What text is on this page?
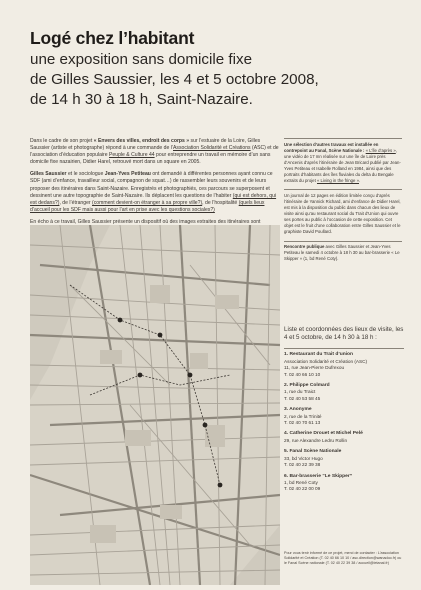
Logé chez l’habitant
une exposition sans domicile fixe
de Gilles Saussier, les 4 et 5 octobre 2008,
de 14 h 30 à 18 h, Saint-Nazaire.

Dans le cadre de son projet « Envers des villes, endroit des corps » sur l’estuaire de la Loire, Gilles Saussier (artiste et photographe) répond à une commande de l’Association Solidarité et Créations (ASC) et de l’association d’éducation populaire Peuple & Culture 44 pour entreprendre un travail en mémoire d’un sans domicile fixe nazairien, Didier Harel, retrouvé mort dans un square en 2005.

Gilles Saussier et le sociologue Jean-Yves Petiteau ont demandé à différentes personnes ayant connu ce SDF (ami d’enfance, travailleur social, compagnon de squat…) de rassembler leurs souvenirs et de leurs proposer des itinéraires dans Saint-Nazaire. Enregistrés et photographiés, ces parcours se superposent et dessinent une autre topographie de Saint-Nazaire. Ils déplacent les questions de l’habiter (qui est dehors, qui est dedans?), de l’étranger (comment devient-on étranger à sa propre ville?), de l’hospitalité (quels lieux d’accueil pour les SDF mais aussi pour l’art en prise avec les questions sociales?)

En écho à ce travail, Gilles Saussier présente un dispositif où des images extraites des itinéraires sont

Une sélection d’autres travaux est installée en contrepoint au Fanal, Scène Nationale : « L’Île d’après », une vidéo de 17 mn réalisée sur une île de Loire près d’Ancenis d’après l’itinéraire de Jean Bricard publié par Jean-Yves Petiteau et Isabelle Rolland en 1984, ainsi que des portraits d’habitants des îles fluviales du delta du Bengale extraits du projet « Living in the fringe ».

Un journal de 12 pages en édition limitée conçu d’après l’itinéraire de Yannick Richard, ami d’enfance de Didier Harel, est mis à la disposition du public dans chacun des lieux de visite ainsi qu’au restaurant social du Trait d’Union qui ouvre ses portes au public à l’occasion de cette exposition. Cet objet est le fruit d’une collaboration entre Gilles Saussier et le graphiste David Poullard.

Rencontre publique avec Gilles Saussier et Jean-Yves Petiteau le samedi 4 octobre à 18 h 30 au bar-brasserie « Le Skipper » (1, bd René Coty).

Liste et coordonnées des lieux de visite, les 4 et 5 octobre, de 14 h 30 à 18 h :
1. Restaurant du Trait d’union
Association Solidarité et Création (ASC)
11, rue Jean-Pierre Dufrexou
T. 02 40 66 10 10
2. Philippe Colmard
1, rue du Traict
T. 02 40 53 58 45
3. Anonyme
2, rue de la Trinité
T. 02 40 70 61 13
4. Catherine Drouet et Michel Pelé
29, rue Alexandre Ledru Rollin
5. Fanal Scène Nationale
33, bd Victor Hugo
T. 02 40 22 39 38
6. Bar-brasserie “Le Skipper”
1, bd René Coty
T. 02 40 22 00 09
Pour vous tenir informé de ce projet, merci de contacter : L’association Solidarité et Création (T. 02 40 66 10 10 / asc.direction@wanadoo.fr) ou le Fanal Scène nationale (T. 02 40 22 39 38 / accueil@letanal.fr)
